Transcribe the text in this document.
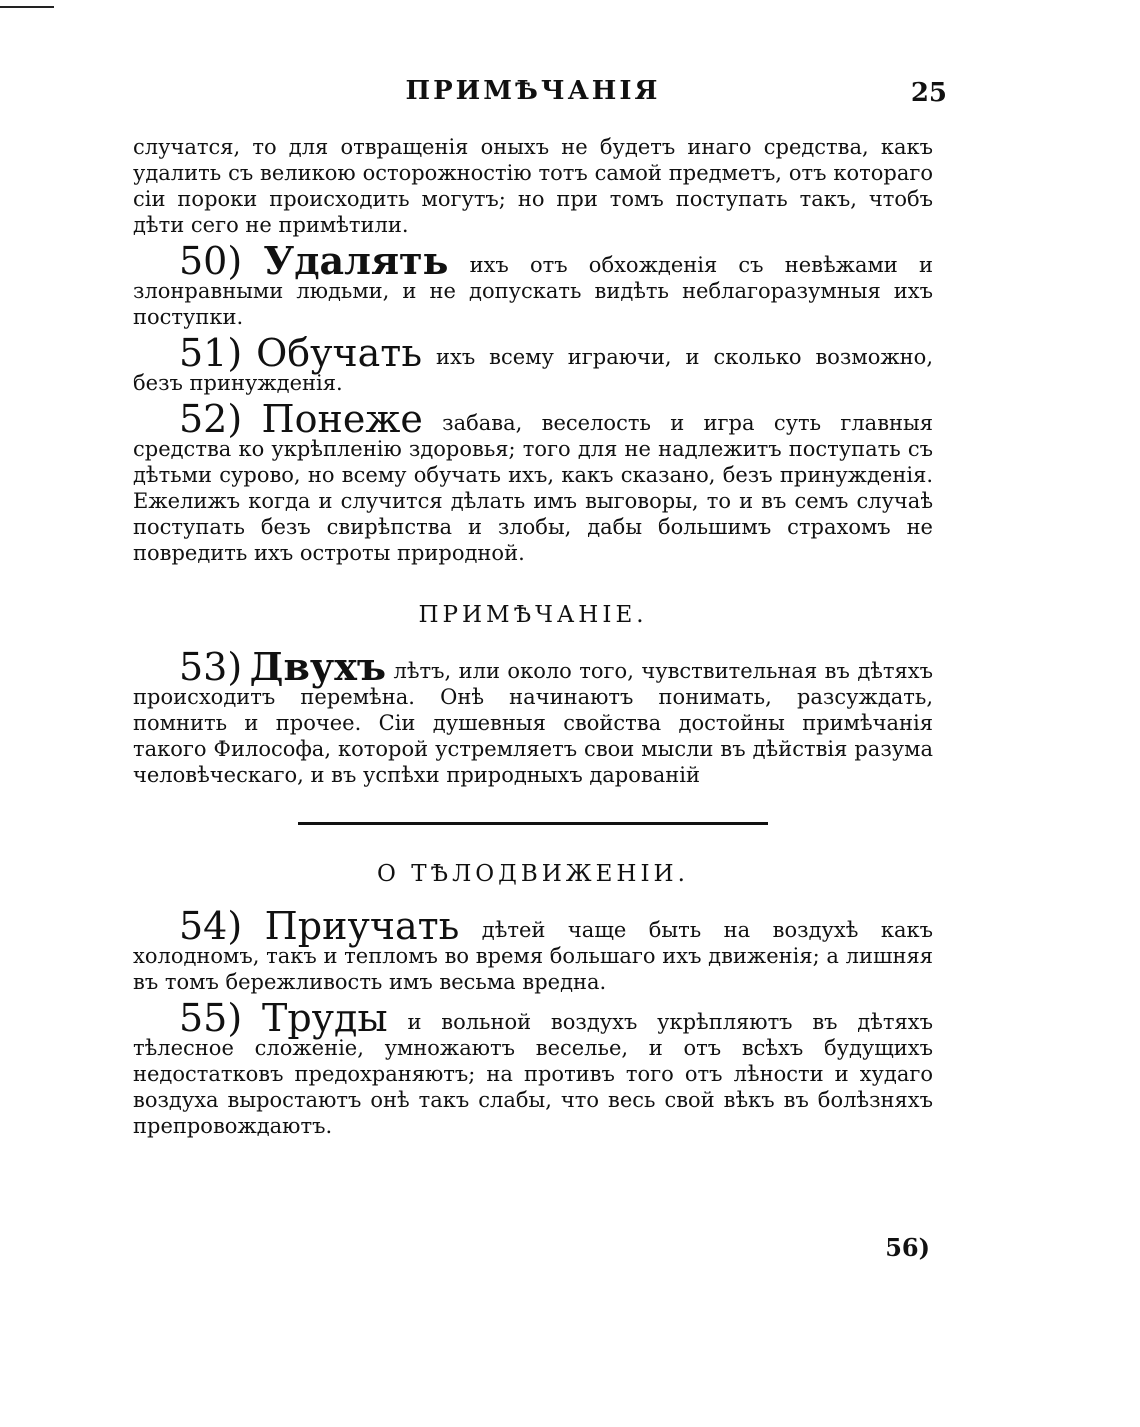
ПРИМѢЧАНІЯ	25

случатся, то для отвращенія оныхъ не будетъ инаго средства, какъ удалить съ великою осторожностію тотъ самой предметъ, отъ котораго сіи пороки происходить могутъ; но при томъ поступать такъ, чтобъ дѣти сего не примѣтили.

50) Удалять ихъ отъ обхожденія съ невѣжами и злонравными людьми, и не допускать видѣть неблагоразумныя ихъ поступки.

51) Обучать ихъ всему играючи, и сколько возможно, безъ принужденія.

52) Понеже забава, веселость и игра суть главныя средства ко укрѣпленію здоровья; того для не надлежитъ поступать съ дѣтьми сурово, но всему обучать ихъ, какъ сказано, безъ принужденія. Ежелижъ когда и случится дѣлать имъ выговоры, то и въ семъ случаѣ поступать безъ свирѣпства и злобы, дабы большимъ страхомъ не повредить ихъ остроты природной.

ПРИМѢЧАНІЕ.

53) Двухъ лѣтъ, или около того, чувствительная въ дѣтяхъ происходитъ перемѣна. Онѣ начинаютъ понимать, разсуждать, помнить и прочее. Сіи душевныя свойства достойны примѣчанія такого Философа, которой устремляетъ свои мысли въ дѣйствія разума человѣческаго, и въ успѣхи природныхъ дарованій

О ТѢЛОДВИЖЕНІИ.

54) Приучать дѣтей чаще быть на воздухѣ какъ холодномъ, такъ и тепломъ во время большаго ихъ движенія; а лишняя въ томъ бережливость имъ весьма вредна.

55) Труды и вольной воздухъ укрѣпляютъ въ дѣтяхъ тѣлесное сложеніе, умножаютъ веселье, и отъ всѣхъ будущихъ недостатковъ предохраняютъ; на противъ того отъ лѣности и худаго воздуха выростаютъ онѣ такъ слабы, что весь свой вѣкъ въ болѣзняхъ препровождаютъ.

56)
